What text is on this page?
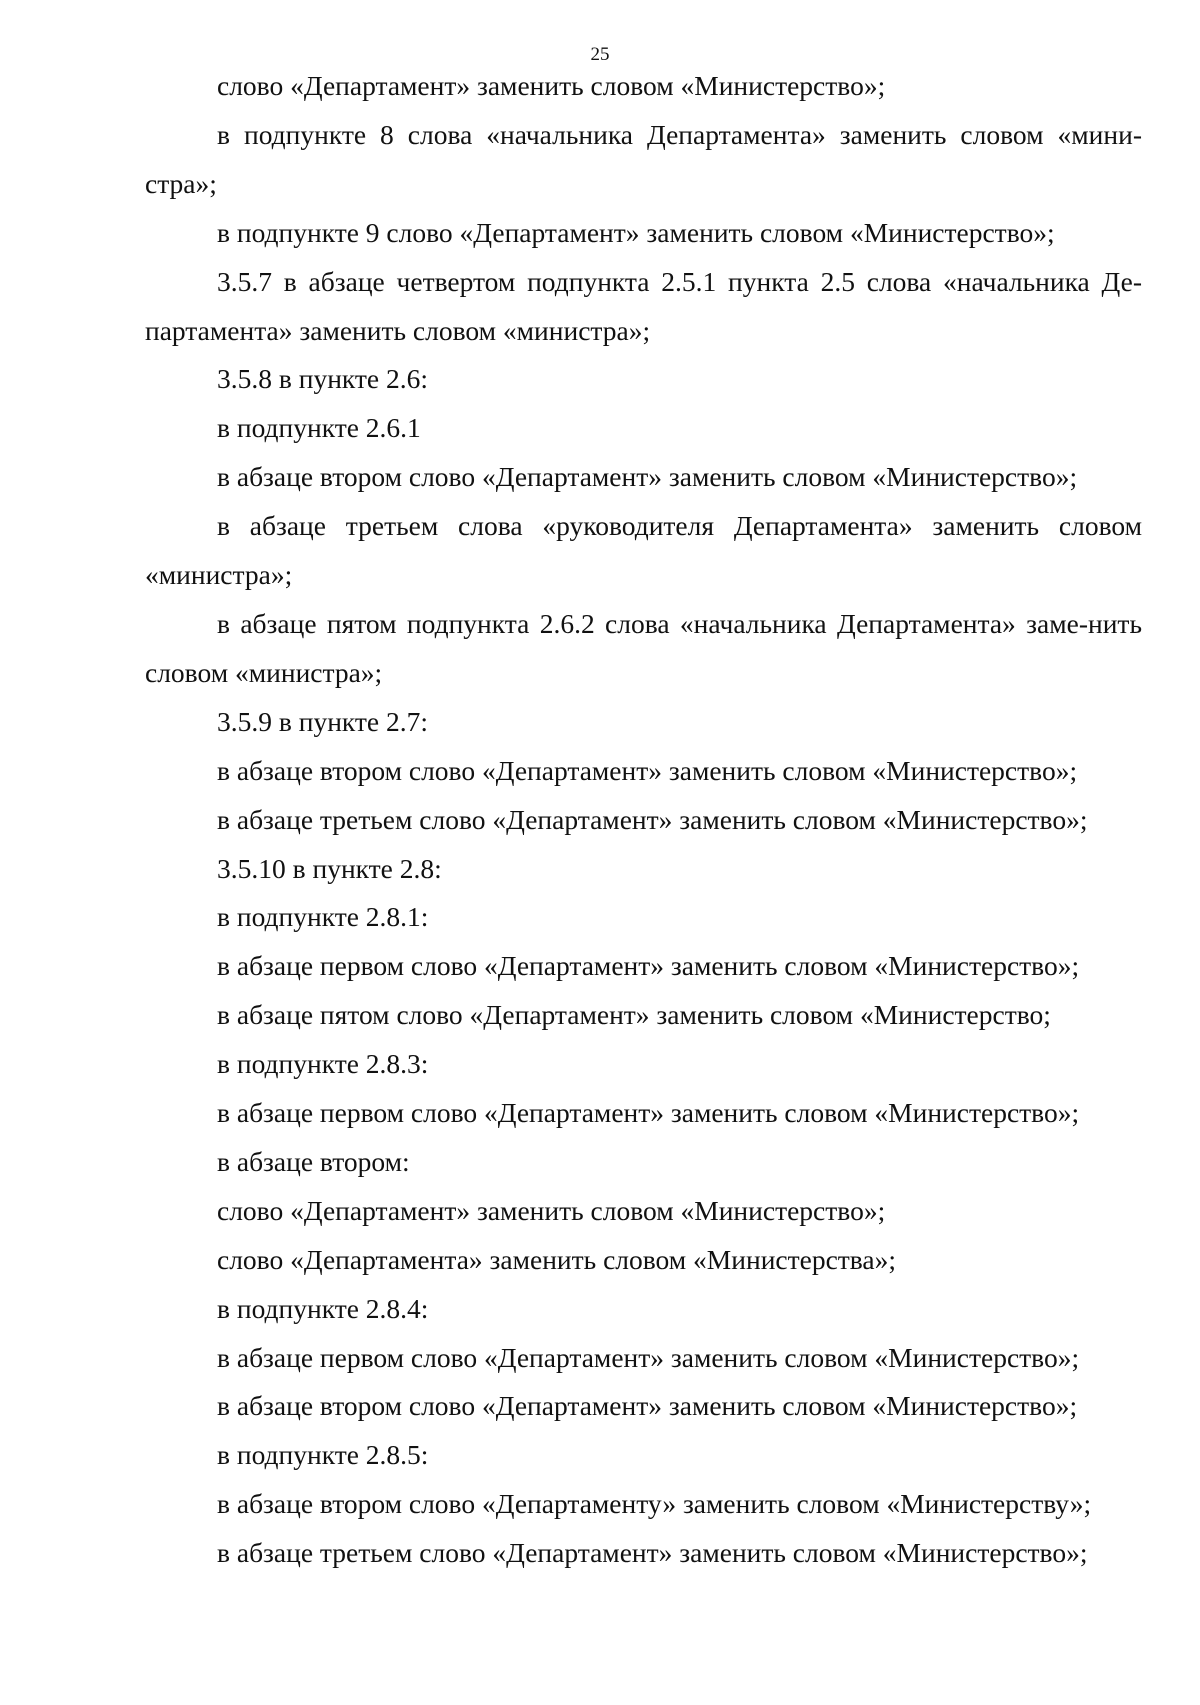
25

слово «Департамент» заменить словом «Министерство»;

в подпункте 8 слова «начальника Департамента» заменить словом «мини-стра»;

в подпункте 9 слово «Департамент» заменить словом «Министерство»;

3.5.7 в абзаце четвертом подпункта 2.5.1 пункта 2.5 слова «начальника Де-партамента» заменить словом «министра»;

3.5.8 в пункте 2.6:

в подпункте 2.6.1

в абзаце втором слово «Департамент» заменить словом «Министерство»;

в абзаце третьем слова «руководителя Департамента» заменить словом «министра»;

в абзаце пятом подпункта 2.6.2 слова «начальника Департамента» заме-нить словом «министра»;

3.5.9 в пункте 2.7:

в абзаце втором слово «Департамент» заменить словом «Министерство»;

в абзаце третьем слово «Департамент» заменить словом «Министерство»;

3.5.10 в пункте 2.8:

в подпункте 2.8.1:

в абзаце первом слово «Департамент» заменить словом «Министерство»;

в абзаце пятом слово «Департамент» заменить словом «Министерство;

в подпункте 2.8.3:

в абзаце первом слово «Департамент» заменить словом «Министерство»;

в абзаце втором:

слово «Департамент» заменить словом «Министерство»;

слово «Департамента» заменить словом «Министерства»;

в подпункте 2.8.4:

в абзаце первом слово «Департамент» заменить словом «Министерство»;

в абзаце втором слово «Департамент» заменить словом «Министерство»;

в подпункте 2.8.5:

в абзаце втором слово «Департаменту» заменить словом «Министерству»;

в абзаце третьем слово «Департамент» заменить словом «Министерство»;
